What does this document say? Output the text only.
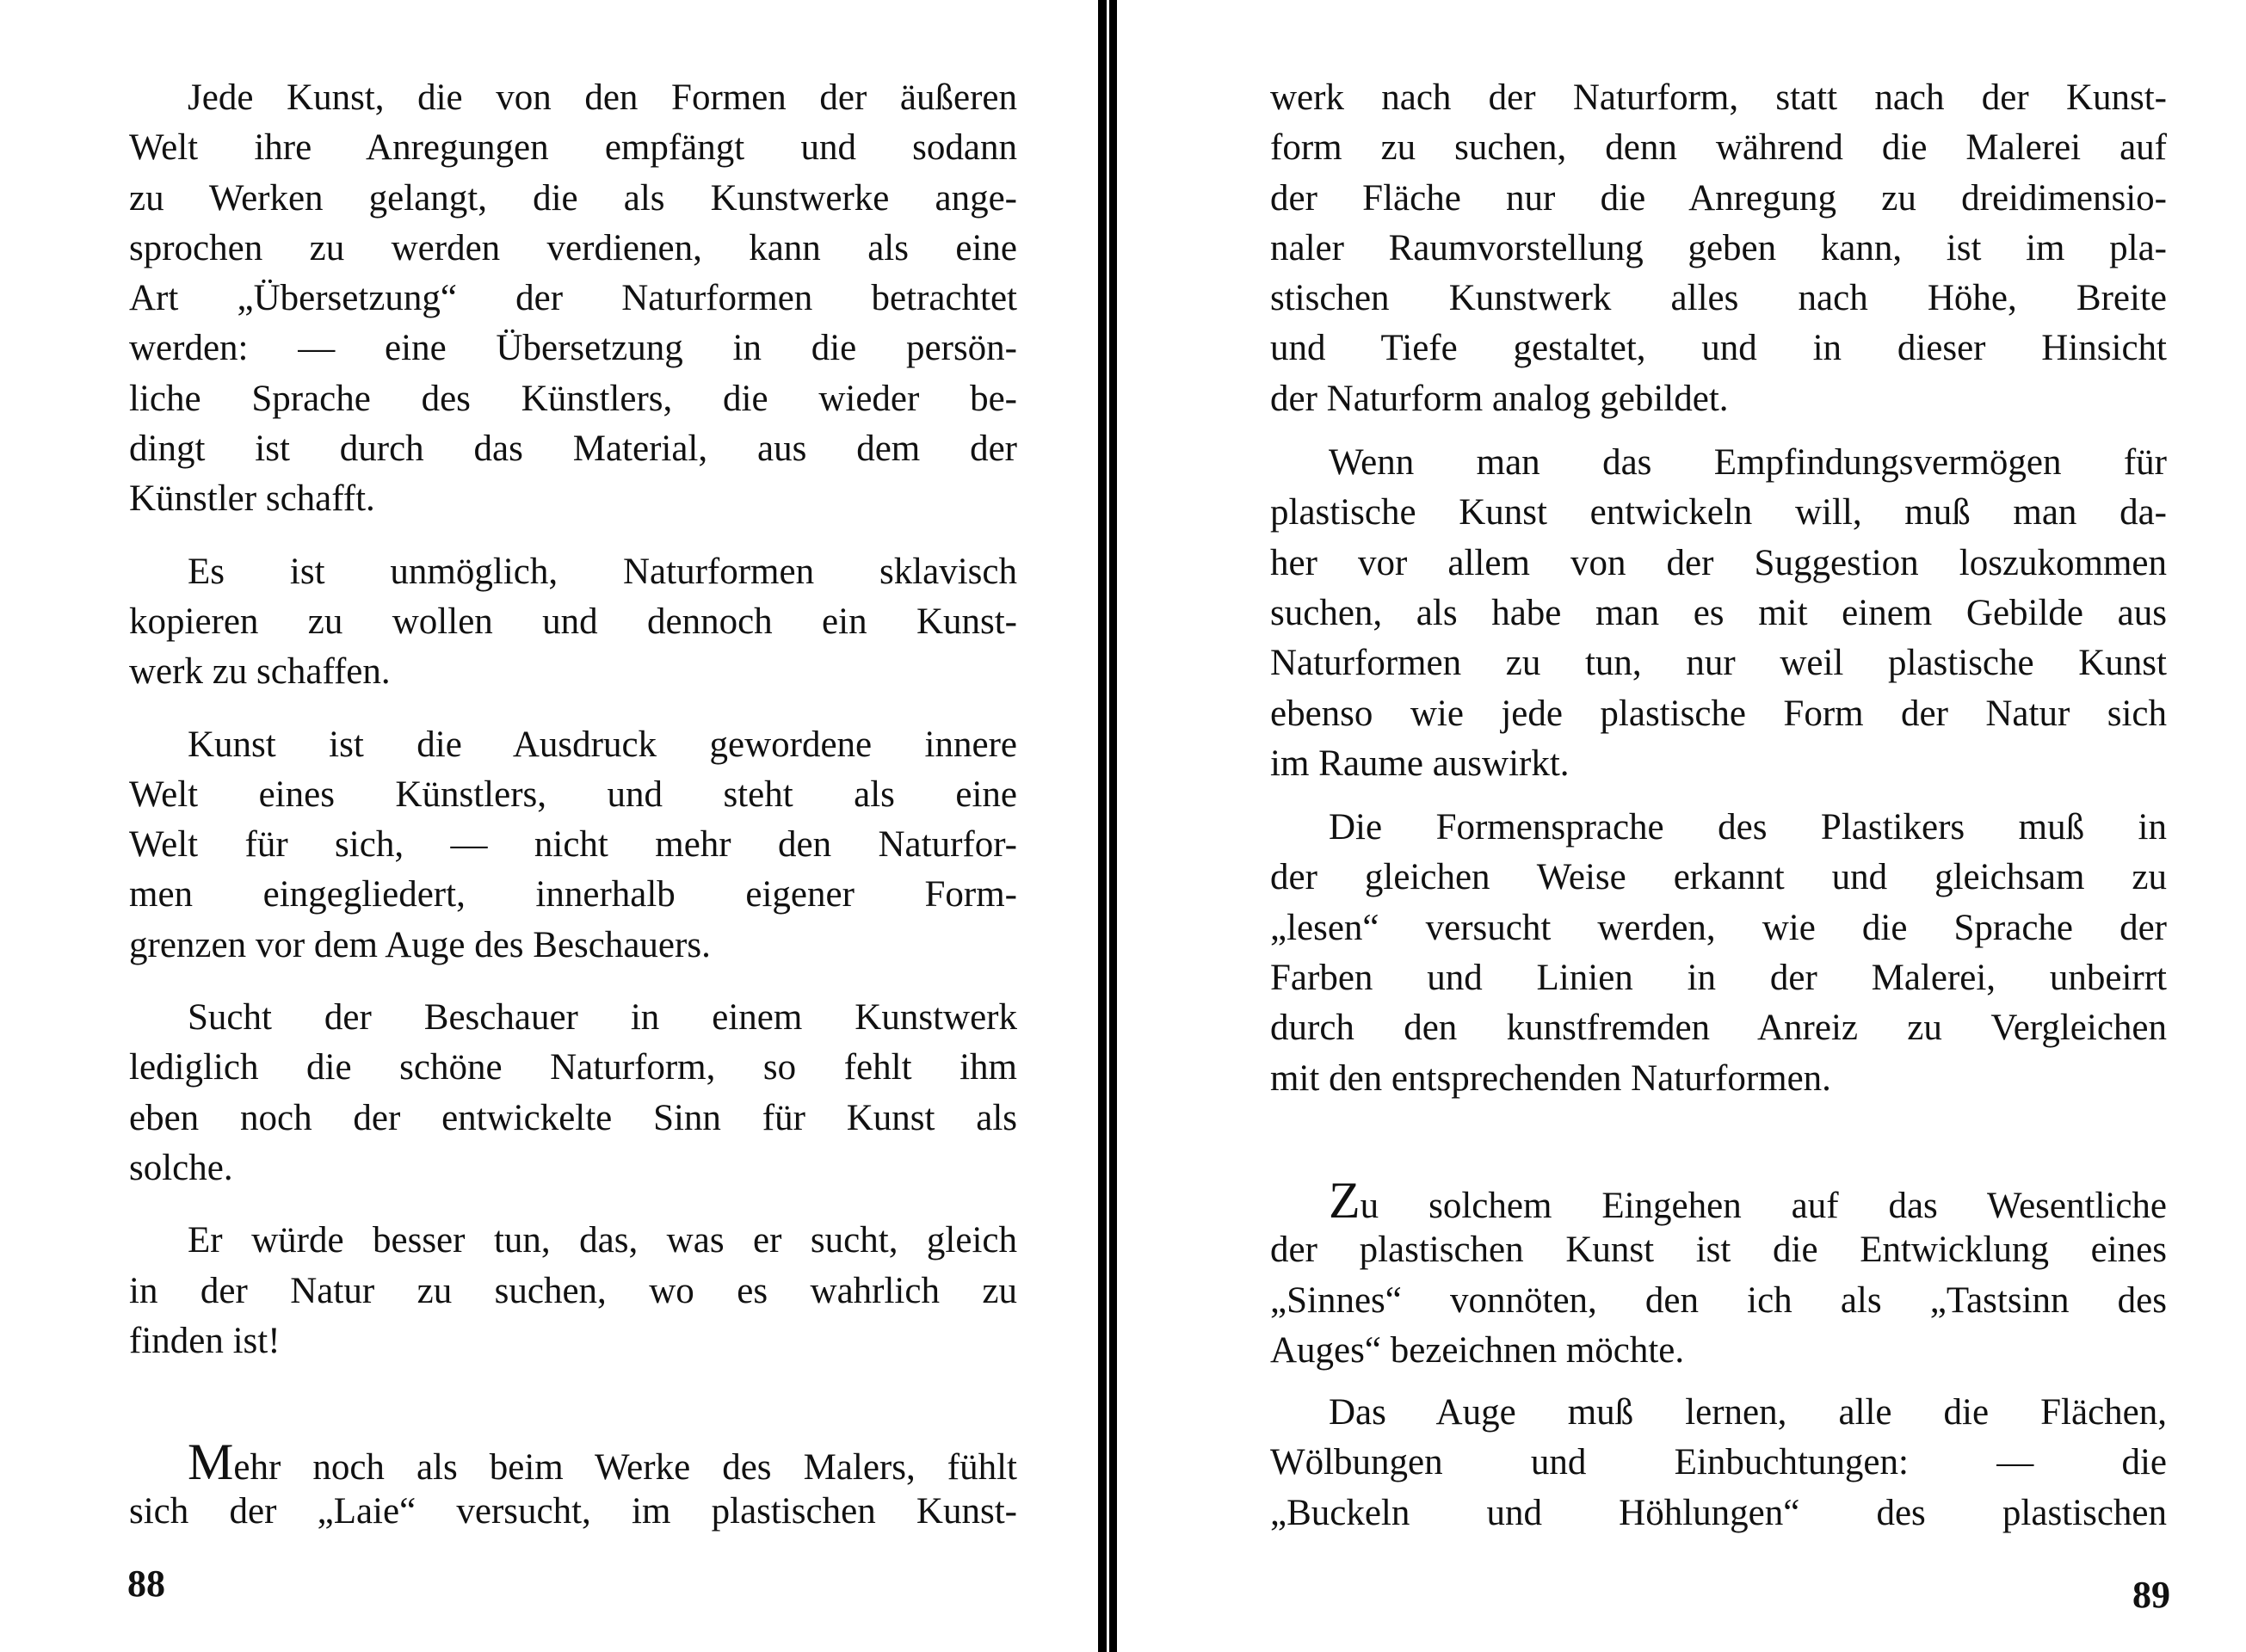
Jede Kunst, die von den Formen der äußeren
Welt ihre Anregungen empfängt und sodann
zu Werken gelangt, die als Kunstwerke ange-
sprochen zu werden verdienen, kann als eine
Art „Übersetzung“ der Naturformen betrachtet
werden: — eine Übersetzung in die persön-
liche Sprache des Künstlers, die wieder be-
dingt ist durch das Material, aus dem der
Künstler schafft.
Es ist unmöglich, Naturformen sklavisch
kopieren zu wollen und dennoch ein Kunst-
werk zu schaffen.
Kunst ist die Ausdruck gewordene innere
Welt eines Künstlers, und steht als eine
Welt für sich, — nicht mehr den Naturfor-
men eingegliedert, innerhalb eigener Form-
grenzen vor dem Auge des Beschauers.
Sucht der Beschauer in einem Kunstwerk
lediglich die schöne Naturform, so fehlt ihm
eben noch der entwickelte Sinn für Kunst als
solche.
Er würde besser tun, das, was er sucht, gleich
in der Natur zu suchen, wo es wahrlich zu
finden ist!
Mehr noch als beim Werke des Malers, fühlt
sich der „Laie“ versucht, im plastischen Kunst-
werk nach der Naturform, statt nach der Kunst-
form zu suchen, denn während die Malerei auf
der Fläche nur die Anregung zu dreidimensio-
naler Raumvorstellung geben kann, ist im pla-
stischen Kunstwerk alles nach Höhe, Breite
und Tiefe gestaltet, und in dieser Hinsicht
der Naturform analog gebildet.
Wenn man das Empfindungsvermögen für
plastische Kunst entwickeln will, muß man da-
her vor allem von der Suggestion loszukommen
suchen, als habe man es mit einem Gebilde aus
Naturformen zu tun, nur weil plastische Kunst
ebenso wie jede plastische Form der Natur sich
im Raume auswirkt.
Die Formensprache des Plastikers muß in
der gleichen Weise erkannt und gleichsam zu
„lesen“ versucht werden, wie die Sprache der
Farben und Linien in der Malerei, unbeirrt
durch den kunstfremden Anreiz zu Vergleichen
mit den entsprechenden Naturformen.
Zu solchem Eingehen auf das Wesentliche
der plastischen Kunst ist die Entwicklung eines
„Sinnes“ vonnöten, den ich als „Tastsinn des
Auges“ bezeichnen möchte.
Das Auge muß lernen, alle die Flächen,
Wölbungen und Einbuchtungen: — die
„Buckeln und Höhlungen“ des plastischen
88	89
